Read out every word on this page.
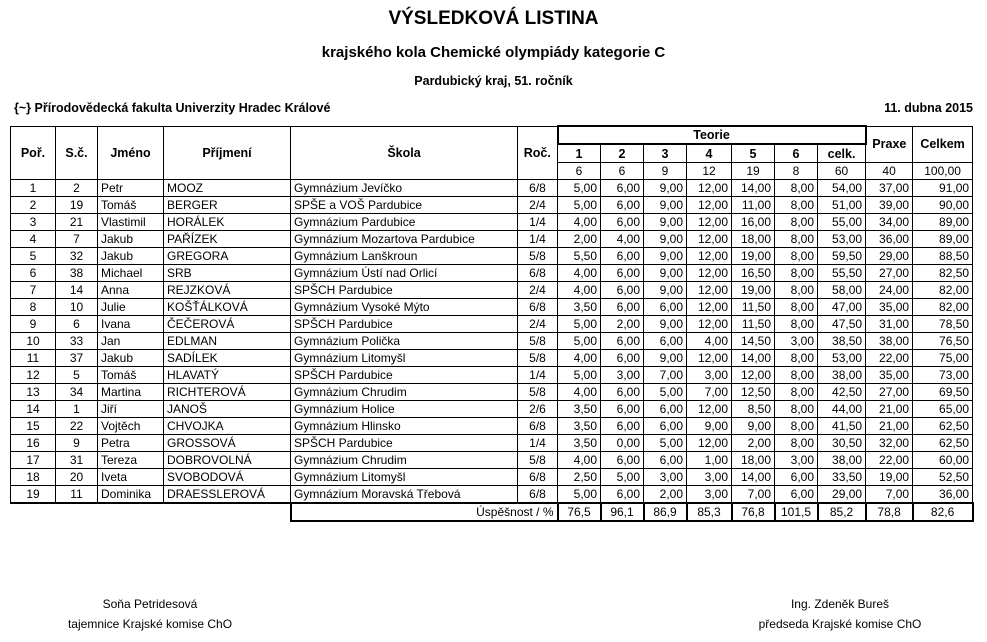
VÝSLEDKOVÁ LISTINA
krajského kola Chemické olympiády kategorie C
Pardubický kraj, 51. ročník
{~} Přírodovědecká fakulta Univerzity Hradec Králové	11. dubna 2015
Poř.	S.č.	Jméno	Příjmení	Škola	Roč.	Teorie							Praxe	Celkem
						1	2	3	4	5	6	celk.		
						6	6	9	12	19	8	60	40	100,00
1	2	Petr	MOOZ	Gymnázium Jevíčko	6/8	5,00	6,00	9,00	12,00	14,00	8,00	54,00	37,00	91,00
2	19	Tomáš	BERGER	SPŠE a VOŠ Pardubice	2/4	5,00	6,00	9,00	12,00	11,00	8,00	51,00	39,00	90,00
3	21	Vlastimil	HORÁLEK	Gymnázium Pardubice	1/4	4,00	6,00	9,00	12,00	16,00	8,00	55,00	34,00	89,00
4	7	Jakub	PAŘÍZEK	Gymnázium Mozartova Pardubice	1/4	2,00	4,00	9,00	12,00	18,00	8,00	53,00	36,00	89,00
5	32	Jakub	GREGORA	Gymnázium Lanškroun	5/8	5,50	6,00	9,00	12,00	19,00	8,00	59,50	29,00	88,50
6	38	Michael	SRB	Gymnázium Ústí nad Orlicí	6/8	4,00	6,00	9,00	12,00	16,50	8,00	55,50	27,00	82,50
7	14	Anna	REJZKOVÁ	SPŠCH Pardubice	2/4	4,00	6,00	9,00	12,00	19,00	8,00	58,00	24,00	82,00
8	10	Julie	KOŠŤÁLKOVÁ	Gymnázium Vysoké Mýto	6/8	3,50	6,00	6,00	12,00	11,50	8,00	47,00	35,00	82,00
9	6	Ivana	ČEČEROVÁ	SPŠCH Pardubice	2/4	5,00	2,00	9,00	12,00	11,50	8,00	47,50	31,00	78,50
10	33	Jan	EDLMAN	Gymnázium Polička	5/8	5,00	6,00	6,00	4,00	14,50	3,00	38,50	38,00	76,50
11	37	Jakub	SADÍLEK	Gymnázium Litomyšl	5/8	4,00	6,00	9,00	12,00	14,00	8,00	53,00	22,00	75,00
12	5	Tomáš	HLAVATÝ	SPŠCH Pardubice	1/4	5,00	3,00	7,00	3,00	12,00	8,00	38,00	35,00	73,00
13	34	Martina	RICHTEROVÁ	Gymnázium Chrudim	5/8	4,00	6,00	5,00	7,00	12,50	8,00	42,50	27,00	69,50
14	1	Jiří	JANOŠ	Gymnázium Holice	2/6	3,50	6,00	6,00	12,00	8,50	8,00	44,00	21,00	65,00
15	22	Vojtěch	CHVOJKA	Gymnázium Hlinsko	6/8	3,50	6,00	6,00	9,00	9,00	8,00	41,50	21,00	62,50
16	9	Petra	GROSSOVÁ	SPŠCH Pardubice	1/4	3,50	0,00	5,00	12,00	2,00	8,00	30,50	32,00	62,50
17	31	Tereza	DOBROVOLNÁ	Gymnázium Chrudim	5/8	4,00	6,00	6,00	1,00	18,00	3,00	38,00	22,00	60,00
18	20	Iveta	SVOBODOVÁ	Gymnázium Litomyšl	6/8	2,50	5,00	3,00	3,00	14,00	6,00	33,50	19,00	52,50
19	11	Dominika	DRAESSLEROVÁ	Gymnázium Moravská Třebová	6/8	5,00	6,00	2,00	3,00	7,00	6,00	29,00	7,00	36,00
				Úspěšnost / %		76,5	96,1	86,9	85,3	76,8	101,5	85,2	78,8	82,6
Soňa Petridesová
tajemnice Krajské komise ChO
Ing. Zdeněk Bureš
předseda Krajské komise ChO
